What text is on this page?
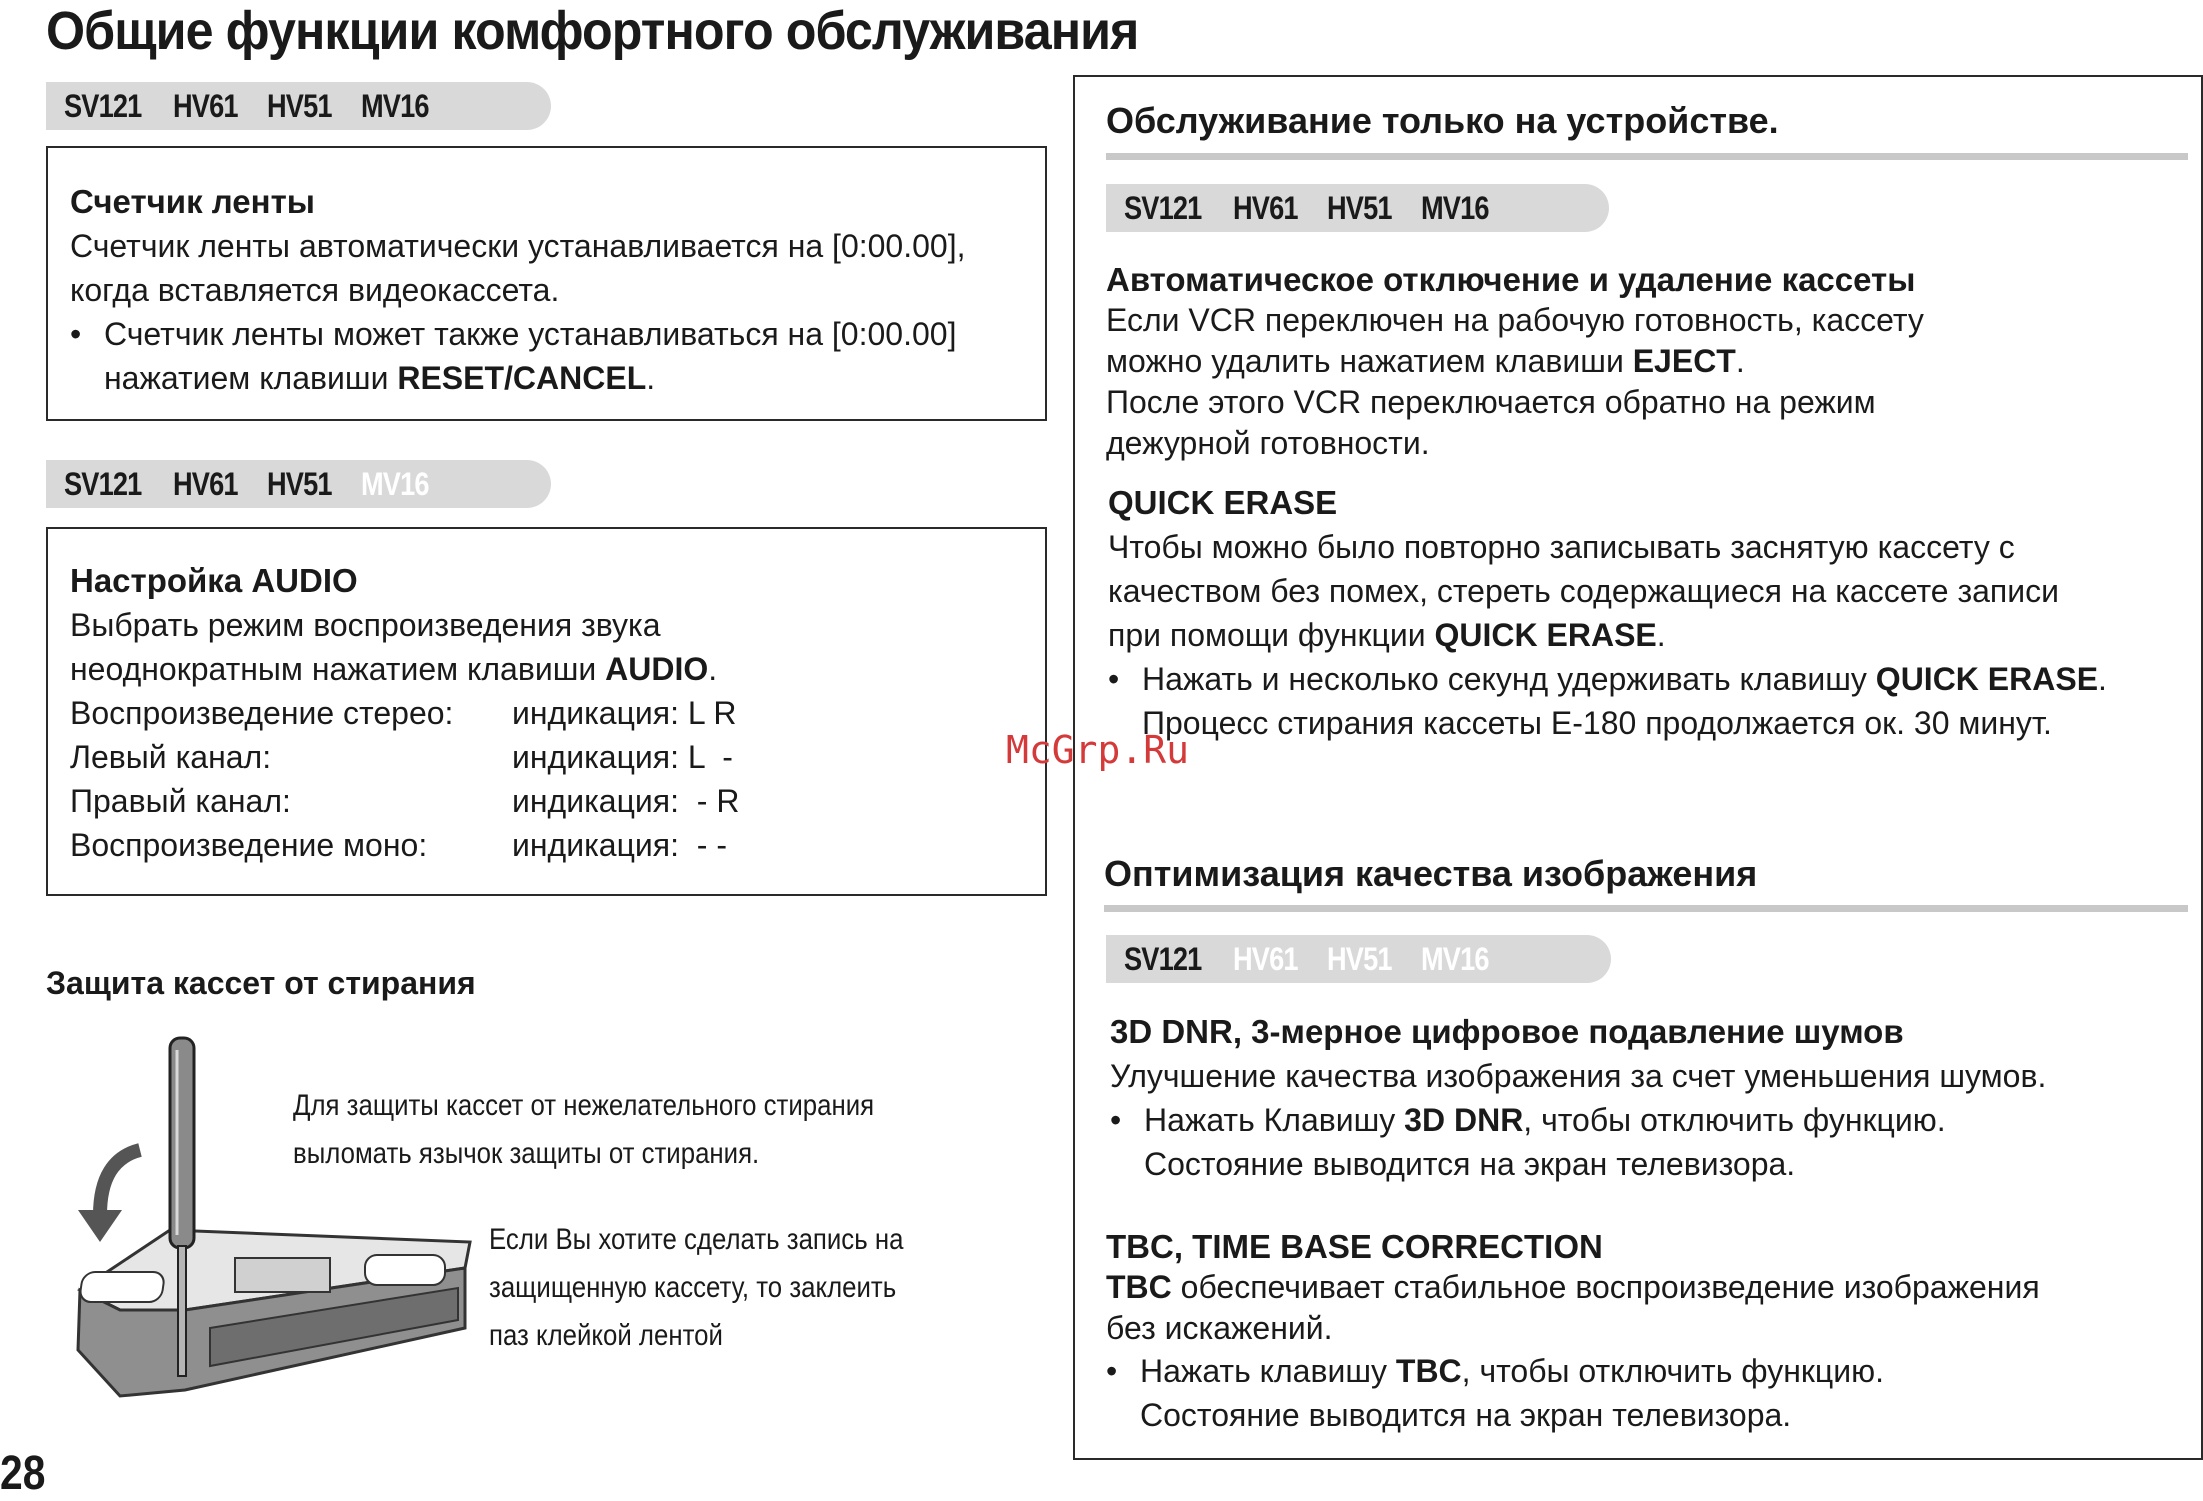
Общие функции комфортного обслуживания
SV121 HV61 HV51 MV16
Счетчик ленты
Счетчик ленты автоматически устанавливается на [0:00.00],
когда вставляется видеокассета.
• Счетчик ленты может также устанавливаться на [0:00.00]
нажатием клавиши RESET/CANCEL.
SV121 HV61 HV51 MV16
Настройка AUDIO
Выбрать режим воспроизведения звука
неоднократным нажатием клавиши AUDIO.
Воспроизведение стерео: индикация: L R
Левый канал:	индикация: L  -
Правый канал:	индикация:  - R
Воспроизведение моно:	индикация:  - -
Защита кассет от стирания
Для защиты кассет от нежелательного стирания
выломать язычок защиты от стирания.
Если Вы хотите сделать запись на
защищенную кассету, то заклеить
паз клейкой лентой
28
Обслуживание только на устройстве.
SV121 HV61 HV51 MV16
Автоматическое отключение и удаление кассеты
Если VCR переключен на рабочую готовность, кассету
можно удалить нажатием клавиши EJECT.
После этого VCR переключается обратно на режим
дежурной готовности.
QUICK ERASE
Чтобы можно было повторно записывать заснятую кассету с
качеством без помех, стереть содержащиеся на кассете записи
при помощи функции QUICK ERASE.
• Нажать и несколько секунд удерживать клавишу QUICK ERASE.
Процесс стирания кассеты Е-180 продолжается ок. 30 минут.
McGrp.Ru
Оптимизация качества изображения
SV121 HV61 HV51 MV16
3D DNR, 3-мерное цифровое подавление шумов
Улучшение качества изображения за счет уменьшения шумов.
• Нажать Клавишу 3D DNR, чтобы отключить функцию.
Состояние выводится на экран телевизора.
TBC, TIME BASE CORRECTION
TBC обеспечивает стабильное воспроизведение изображения
без искажений.
• Нажать клавишу TBC, чтобы отключить функцию.
Состояние выводится на экран телевизора.
